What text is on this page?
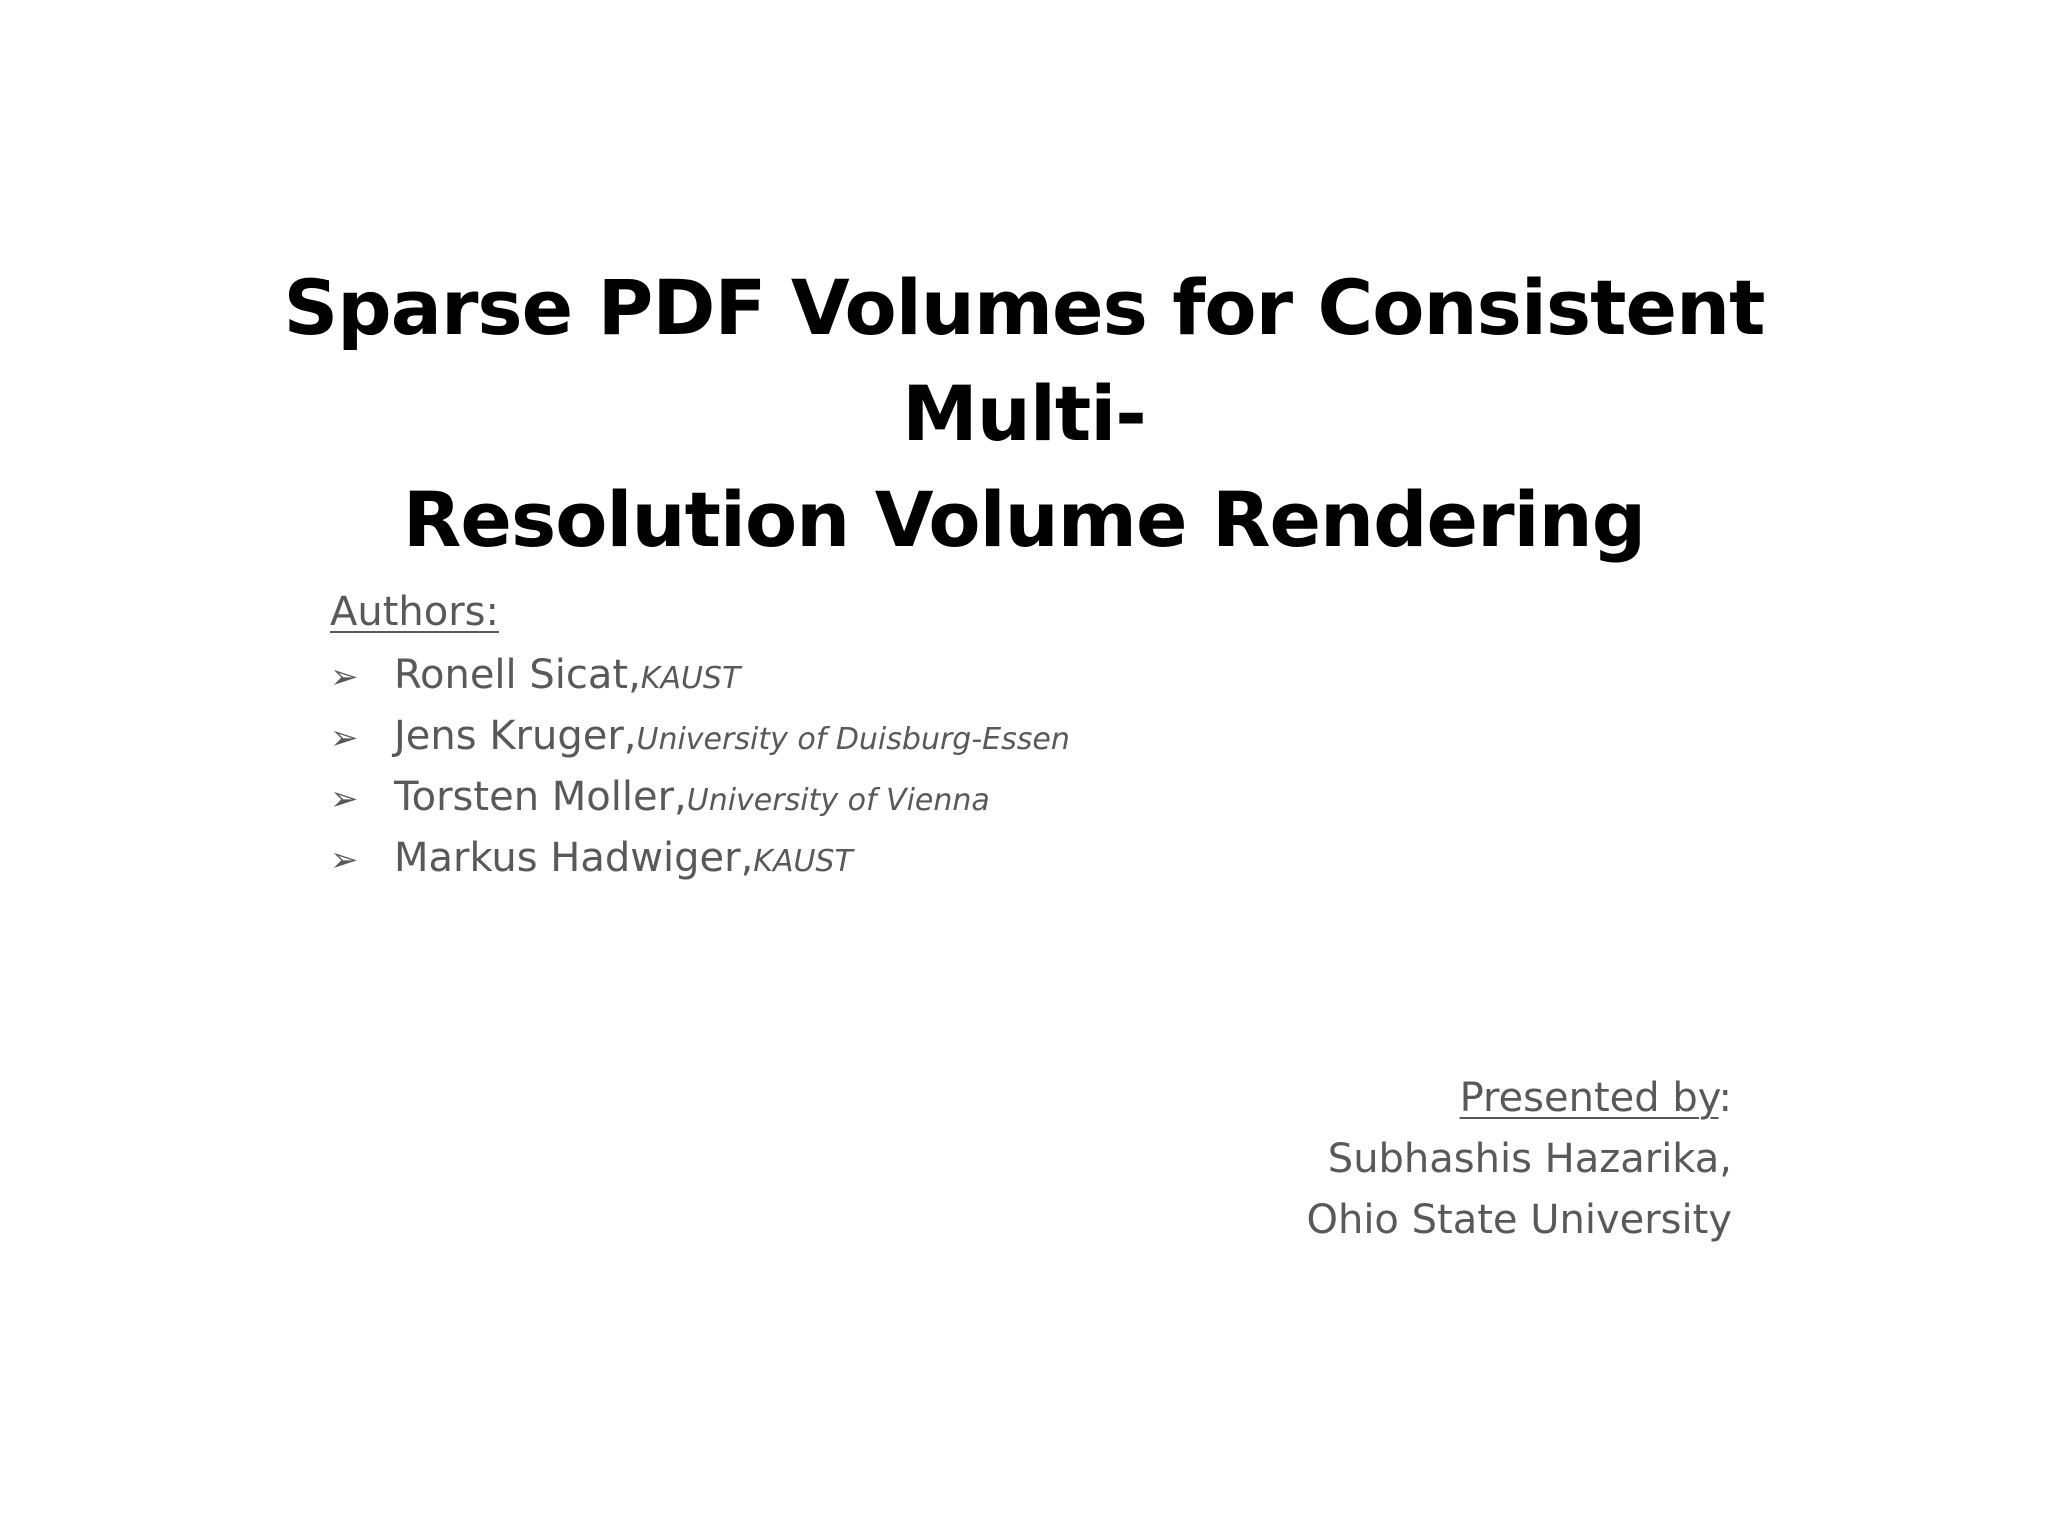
Sparse PDF Volumes for Consistent Multi-
Resolution Volume Rendering
Authors:
➢ Ronell Sicat, KAUST
➢ Jens Kruger, University of Duisburg-Essen
➢ Torsten Moller, University of Vienna
➢ Markus Hadwiger, KAUST
Presented by:
Subhashis Hazarika,
Ohio State University
